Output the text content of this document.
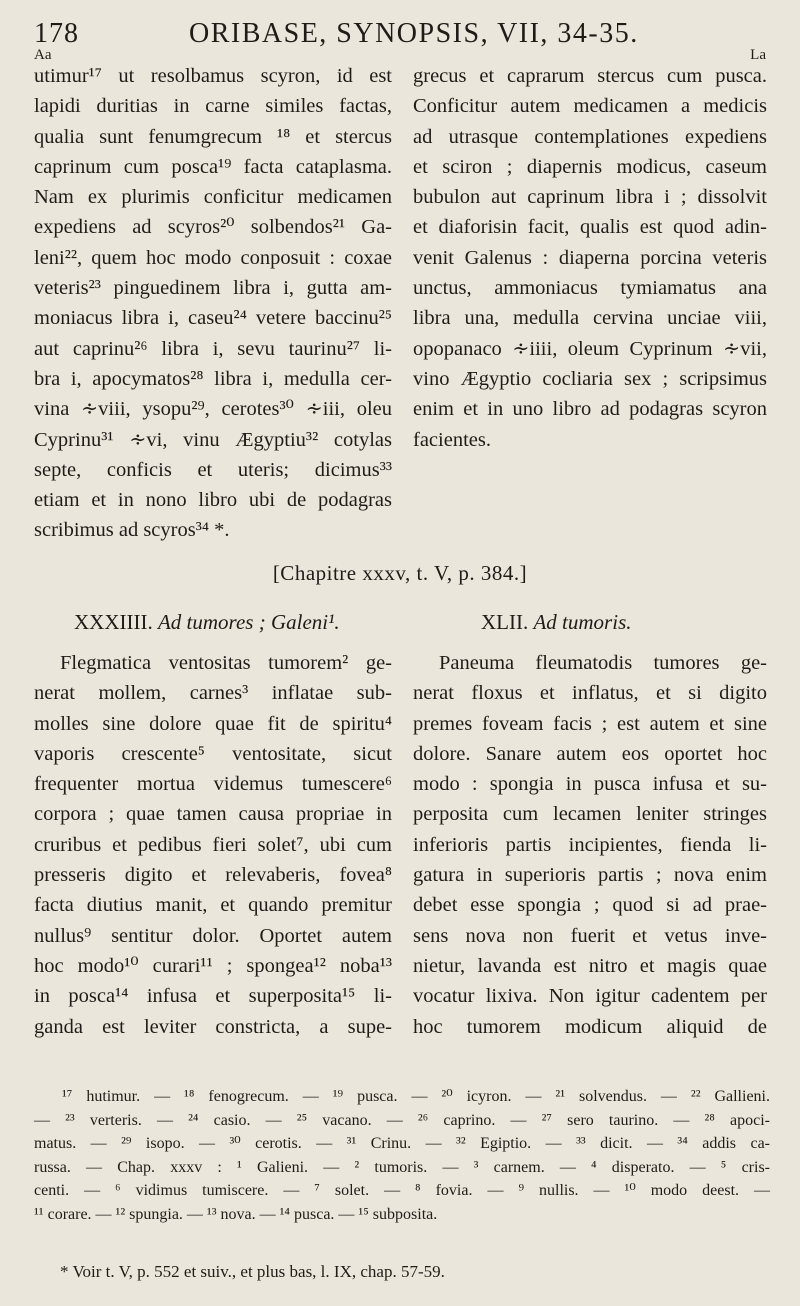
178	ORIBASE, SYNOPSIS, VII, 34-35.
Aa	La
utimur¹⁷ ut resolbamus scyron, id est
lapidi duritias in carne similes factas,
qualia sunt fenumgrecum ¹⁸ et stercus
caprinum cum posca¹⁹ facta cataplasma.
Nam ex plurimis conficitur medicamen
expediens ad scyros²⁰ solbendos²¹ Ga-
leni²², quem hoc modo conposuit : coxae
veteris²³ pinguedinem libra i, gutta am-
moniacus libra i, caseu²⁴ vetere baccinu²⁵
aut caprinu²⁶ libra i, sevu taurinu²⁷ li-
bra i, apocymatos²⁸ libra i, medulla cer-
vina ∻viii, ysopu²⁹, cerotes³⁰ ∻iii, oleu
Cyprinu³¹ ∻vi, vinu Ægyptiu³² cotylas
septe, conficis et uteris; dicimus³³
etiam et in nono libro ubi de podagras
scribimus ad scyros³⁴ *.
grecus et caprarum stercus cum pusca.
Conficitur autem medicamen a medicis
ad utrasque contemplationes expediens
et sciron ; diapernis modicus, caseum
bubulon aut caprinum libra i ; dissolvit
et diaforisin facit, qualis est quod adin-
venit Galenus : diaperna porcina veteris
unctus, ammoniacus tymiamatus ana
libra una, medulla cervina unciae viii,
opopanaco ∻iiii, oleum Cyprinum ∻vii,
vino Ægyptio cocliaria sex ; scripsimus
enim et in uno libro ad podagras scyron
facientes.
[Chapitre xxxv, t. V, p. 384.]
XXXIIII. Ad tumores ; Galeni¹.	XLII. Ad tumoris.
Flegmatica ventositas tumorem² ge-
nerat mollem, carnes³ inflatae sub-
molles sine dolore quae fit de spiritu⁴
vaporis crescente⁵ ventositate, sicut
frequenter mortua videmus tumescere⁶
corpora ; quae tamen causa propriae in
cruribus et pedibus fieri solet⁷, ubi cum
presseris digito et relevaberis, fovea⁸
facta diutius manit, et quando premitur
nullus⁹ sentitur dolor. Oportet autem
hoc modo¹⁰ curari¹¹ ; spongea¹² noba¹³
in posca¹⁴ infusa et superposita¹⁵ li-
ganda est leviter constricta, a supe-
Paneuma fleumatodis tumores ge-
nerat floxus et inflatus, et si digito
premes foveam facis ; est autem et sine
dolore. Sanare autem eos oportet hoc
modo : spongia in pusca infusa et su-
perposita cum lecamen leniter stringes
inferioris partis incipientes, fienda li-
gatura in superioris partis ; nova enim
debet esse spongia ; quod si ad prae-
sens nova non fuerit et vetus inve-
nietur, lavanda est nitro et magis quae
vocatur lixiva. Non igitur cadentem per
hoc tumorem modicum aliquid de
¹⁷ hutimur. — ¹⁸ fenogrecum. — ¹⁹ pusca. — ²⁰ icyron. — ²¹ solvendus. — ²² Gallieni.
— ²³ verteris. — ²⁴ casio. — ²⁵ vacano. — ²⁶ caprino. — ²⁷ sero taurino. — ²⁸ apoci-
matus. — ²⁹ isopo. — ³⁰ cerotis. — ³¹ Crinu. — ³² Egiptio. — ³³ dicit. — ³⁴ addis ca-
russa. — Chap. xxxv : ¹ Galieni. — ² tumoris. — ³ carnem. — ⁴ disperato. — ⁵ cris-
centi. — ⁶ vidimus tumiscere. — ⁷ solet. — ⁸ fovia. — ⁹ nullis. — ¹⁰ modo deest. —
¹¹ corare. — ¹² spungia. — ¹³ nova. — ¹⁴ pusca. — ¹⁵ subposita.
* Voir t. V, p. 552 et suiv., et plus bas, l. IX, chap. 57-59.
